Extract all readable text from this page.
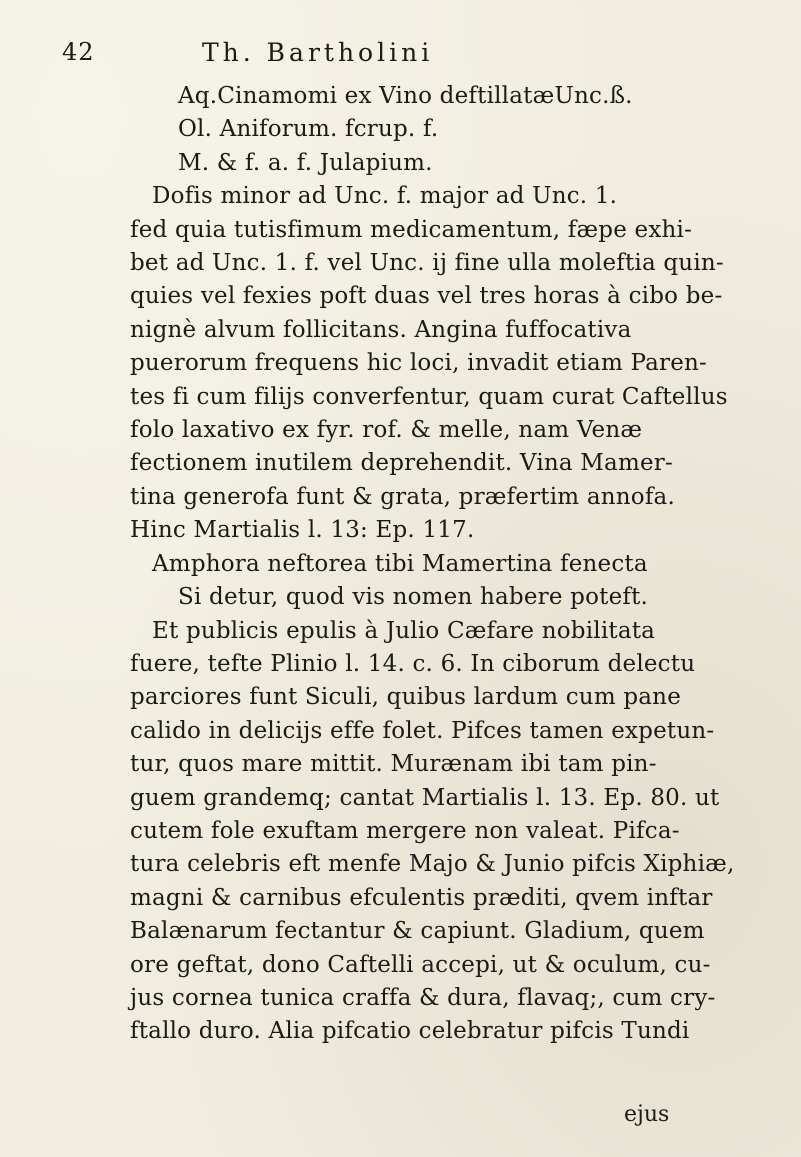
42	Th. Bartholini
Aq.Cinamomi ex Vino deftillatæUnc.ß.
Ol. Aniforum. fcrup. f.
M. & f. a. f. Julapium.
Dofis minor ad Unc. f. major ad Unc. 1.
fed quia tutisfimum medicamentum, fæpe exhi-
bet ad Unc. 1. f. vel Unc. ij fine ulla moleftia quin-
quies vel fexies poft duas vel tres horas à cibo be-
nignè alvum follicitans. Angina fuffocativa
puerorum frequens hic loci, invadit etiam Paren-
tes fi cum filijs converfentur, quam curat Caftellus
folo laxativo ex fyr. rof. & melle, nam Venæ
fectionem inutilem deprehendit. Vina Mamer-
tina generofa funt & grata, præfertim annofa.
Hinc Martialis l. 13: Ep. 117.
Amphora neftorea tibi Mamertina fenecta
Si detur, quod vis nomen habere poteft.
Et publicis epulis à Julio Cæfare nobilitata
fuere, tefte Plinio l. 14. c. 6. In ciborum delectu
parciores funt Siculi, quibus lardum cum pane
calido in delicijs effe folet. Pifces tamen expetun-
tur, quos mare mittit. Murænam ibi tam pin-
guem grandemq; cantat Martialis l. 13. Ep. 80. ut
cutem fole exuftam mergere non valeat. Pifca-
tura celebris eft menfe Majo & Junio pifcis Xiphiæ,
magni & carnibus efculentis præditi, qvem inftar
Balænarum fectantur & capiunt. Gladium, quem
ore geftat, dono Caftelli accepi, ut & oculum, cu-
jus cornea tunica craffa & dura, flavaq;, cum cry-
ftallo duro. Alia pifcatio celebratur pifcis Tundi
ejus
